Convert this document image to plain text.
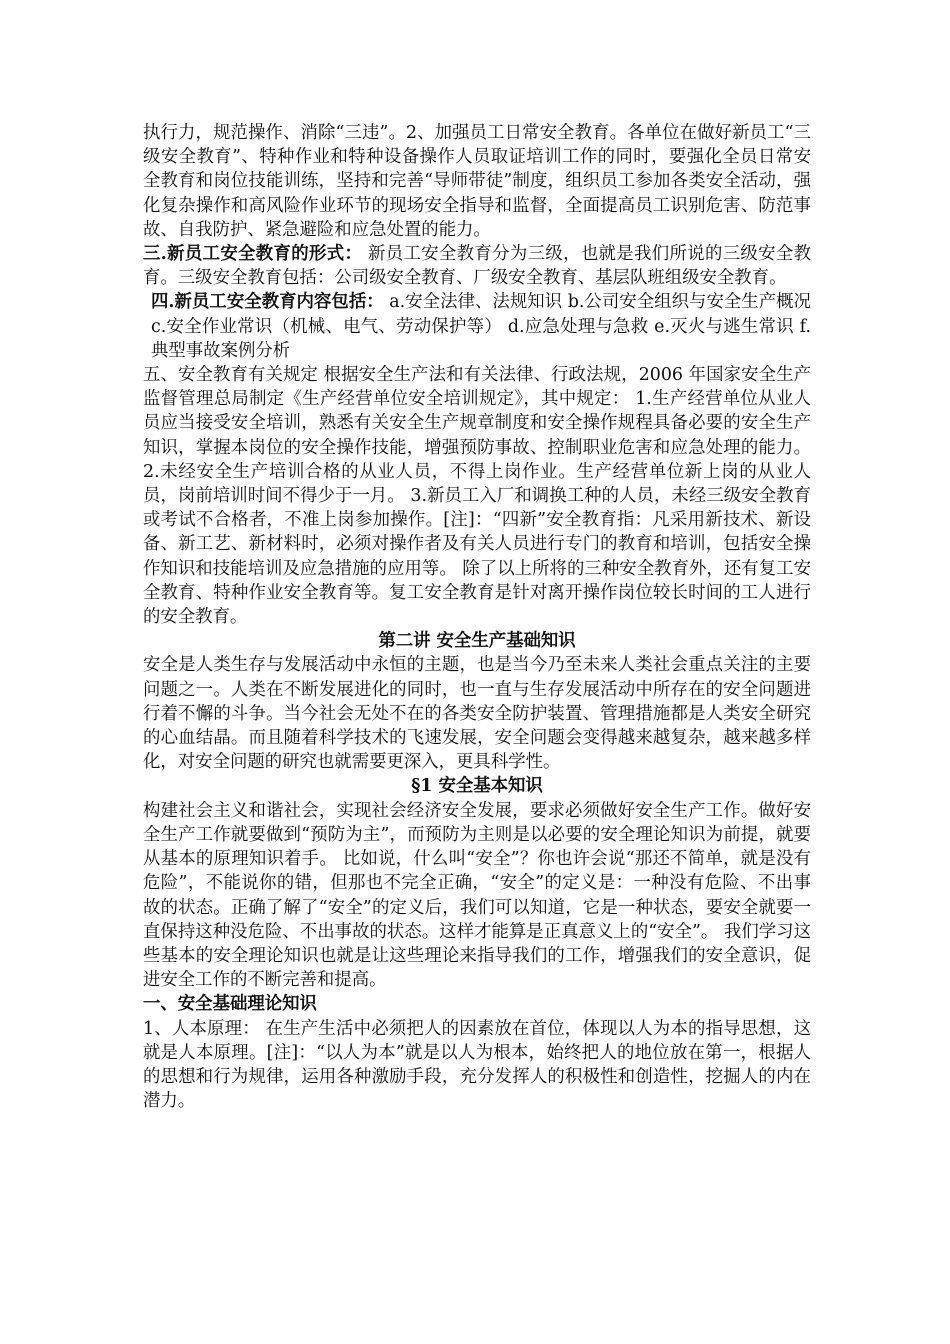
执行力，规范操作、消除“三违”。2、加强员工日常安全教育。各单位在做好新员工“三级安全教育”、特种作业和特种设备操作人员取证培训工作的同时，要强化全员日常安全教育和岗位技能训练，坚持和完善“导师带徒”制度，组织员工参加各类安全活动，强化复杂操作和高风险作业环节的现场安全指导和监督，全面提高员工识别危害、防范事故、自我防护、紧急避险和应急处置的能力。

三.新员工安全教育的形式： 新员工安全教育分为三级，也就是我们所说的三级安全教育。三级安全教育包括：公司级安全教育、厂级安全教育、基层队班组级安全教育。

四.新员工安全教育内容包括： a.安全法律、法规知识 b.公司安全组织与安全生产概况 c.安全作业常识（机械、电气、劳动保护等） d.应急处理与急救 e.灭火与逃生常识 f.典型事故案例分析

五、安全教育有关规定 根据安全生产法和有关法律、行政法规，2006 年国家安全生产监督管理总局制定《生产经营单位安全培训规定》，其中规定： 1.生产经营单位从业人员应当接受安全培训，熟悉有关安全生产规章制度和安全操作规程具备必要的安全生产知识，掌握本岗位的安全操作技能，增强预防事故、控制职业危害和应急处理的能力。 2.未经安全生产培训合格的从业人员，不得上岗作业。生产经营单位新上岗的从业人员，岗前培训时间不得少于一月。 3.新员工入厂和调换工种的人员，未经三级安全教育或考试不合格者，不准上岗参加操作。[注]：“四新”安全教育指：凡采用新技术、新设备、新工艺、新材料时，必须对操作者及有关人员进行专门的教育和培训，包括安全操作知识和技能培训及应急措施的应用等。 除了以上所将的三种安全教育外，还有复工安全教育、特种作业安全教育等。复工安全教育是针对离开操作岗位较长时间的工人进行的安全教育。

第二讲 安全生产基础知识

安全是人类生存与发展活动中永恒的主题，也是当今乃至未来人类社会重点关注的主要问题之一。人类在不断发展进化的同时，也一直与生存发展活动中所存在的安全问题进行着不懈的斗争。当今社会无处不在的各类安全防护装置、管理措施都是人类安全研究的心血结晶。而且随着科学技术的飞速发展，安全问题会变得越来越复杂，越来越多样化，对安全问题的研究也就需要更深入，更具科学性。

§1 安全基本知识

构建社会主义和谐社会，实现社会经济安全发展，要求必须做好安全生产工作。做好安全生产工作就要做到“预防为主”，而预防为主则是以必要的安全理论知识为前提，就要从基本的原理知识着手。 比如说，什么叫“安全”？你也许会说“那还不简单，就是没有危险”，不能说你的错，但那也不完全正确，“安全”的定义是：一种没有危险、不出事故的状态。正确了解了“安全”的定义后，我们可以知道，它是一种状态，要安全就要一直保持这种没危险、不出事故的状态。这样才能算是正真意义上的“安全”。 我们学习这些基本的安全理论知识也就是让这些理论来指导我们的工作，增强我们的安全意识，促进安全工作的不断完善和提高。

一、安全基础理论知识

1、人本原理： 在生产生活中必须把人的因素放在首位，体现以人为本的指导思想，这就是人本原理。[注]：“以人为本”就是以人为根本，始终把人的地位放在第一，根据人的思想和行为规律，运用各种激励手段，充分发挥人的积极性和创造性，挖掘人的内在潜力。
